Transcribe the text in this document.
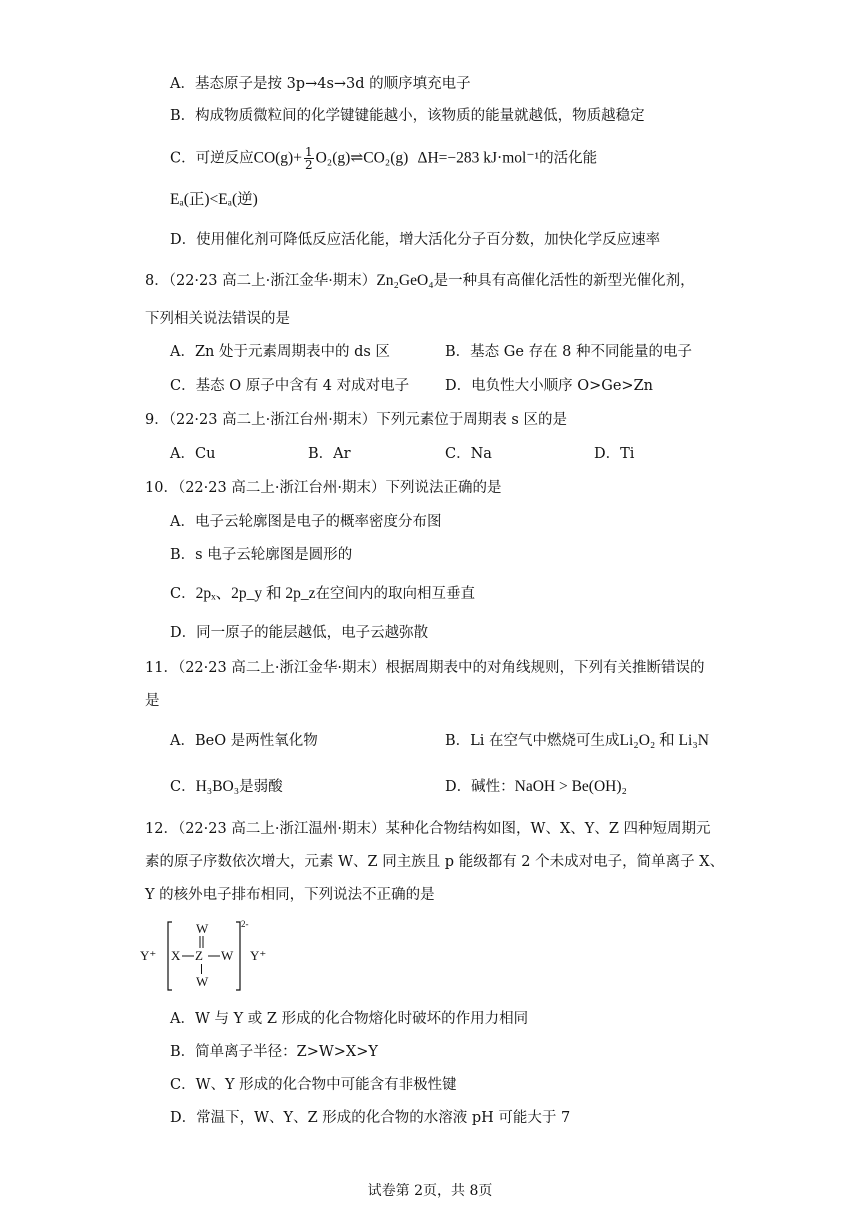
A．基态原子是按 3p→4s→3d 的顺序填充电子
B．构成物质微粒间的化学键键能越小，该物质的能量就越低，物质越稳定
C．可逆反应$CO(g)+ \frac{1}{2}$ O₂(g)⇌CO₂(g) ΔH=−283 kJ·mol⁻¹的活化能
Eₐ(正)<Eₐ(逆)
D．使用催化剂可降低反应活化能，增大活化分子百分数，加快化学反应速率
8．（22·23 高二上·浙江金华·期末）Zn₂GeO₄是一种具有高催化活性的新型光催化剂，
下列相关说法错误的是
A．Zn 处于元素周期表中的 ds 区	B．基态 Ge 存在 8 种不同能量的电子
C．基态 O 原子中含有 4 对成对电子 D．电负性大小顺序 O>Ge>Zn
9．（22·23 高二上·浙江台州·期末）下列元素位于周期表 s 区的是
A．Cu	B．Ar	C．Na	D．Ti
10．（22·23 高二上·浙江台州·期末）下列说法正确的是
A．电子云轮廓图是电子的概率密度分布图
B．s 电子云轮廓图是圆形的
C．2pₓ、2p_y 和 2p_z在空间内的取向相互垂直
D．同一原子的能层越低，电子云越弥散
11．（22·23 高二上·浙江金华·期末）根据周期表中的对角线规则，下列有关推断错误的
是
A．BeO 是两性氧化物	B．Li 在空气中燃烧可生成Li₂O₂ 和 Li₃N
C．H₃BO₃是弱酸	D．碱性：NaOH > Be(OH)₂
12．（22·23 高二上·浙江温州·期末）某种化合物结构如图，W、X、Y、Z 四种短周期元
素的原子序数依次增大，元素 W、Z 同主族且 p 能级都有 2 个未成对电子，简单离子 X、
Y 的核外电子排布相同，下列说法不正确的是
Y⁺ X Z
W
W
W
2-
Y⁺
A．W 与 Y 或 Z 形成的化合物熔化时破坏的作用力相同
B．简单离子半径：Z>W>X>Y
C．W、Y 形成的化合物中可能含有非极性键
D．常温下，W、Y、Z 形成的化合物的水溶液 pH 可能大于 7
试卷第 2页，共 8页
